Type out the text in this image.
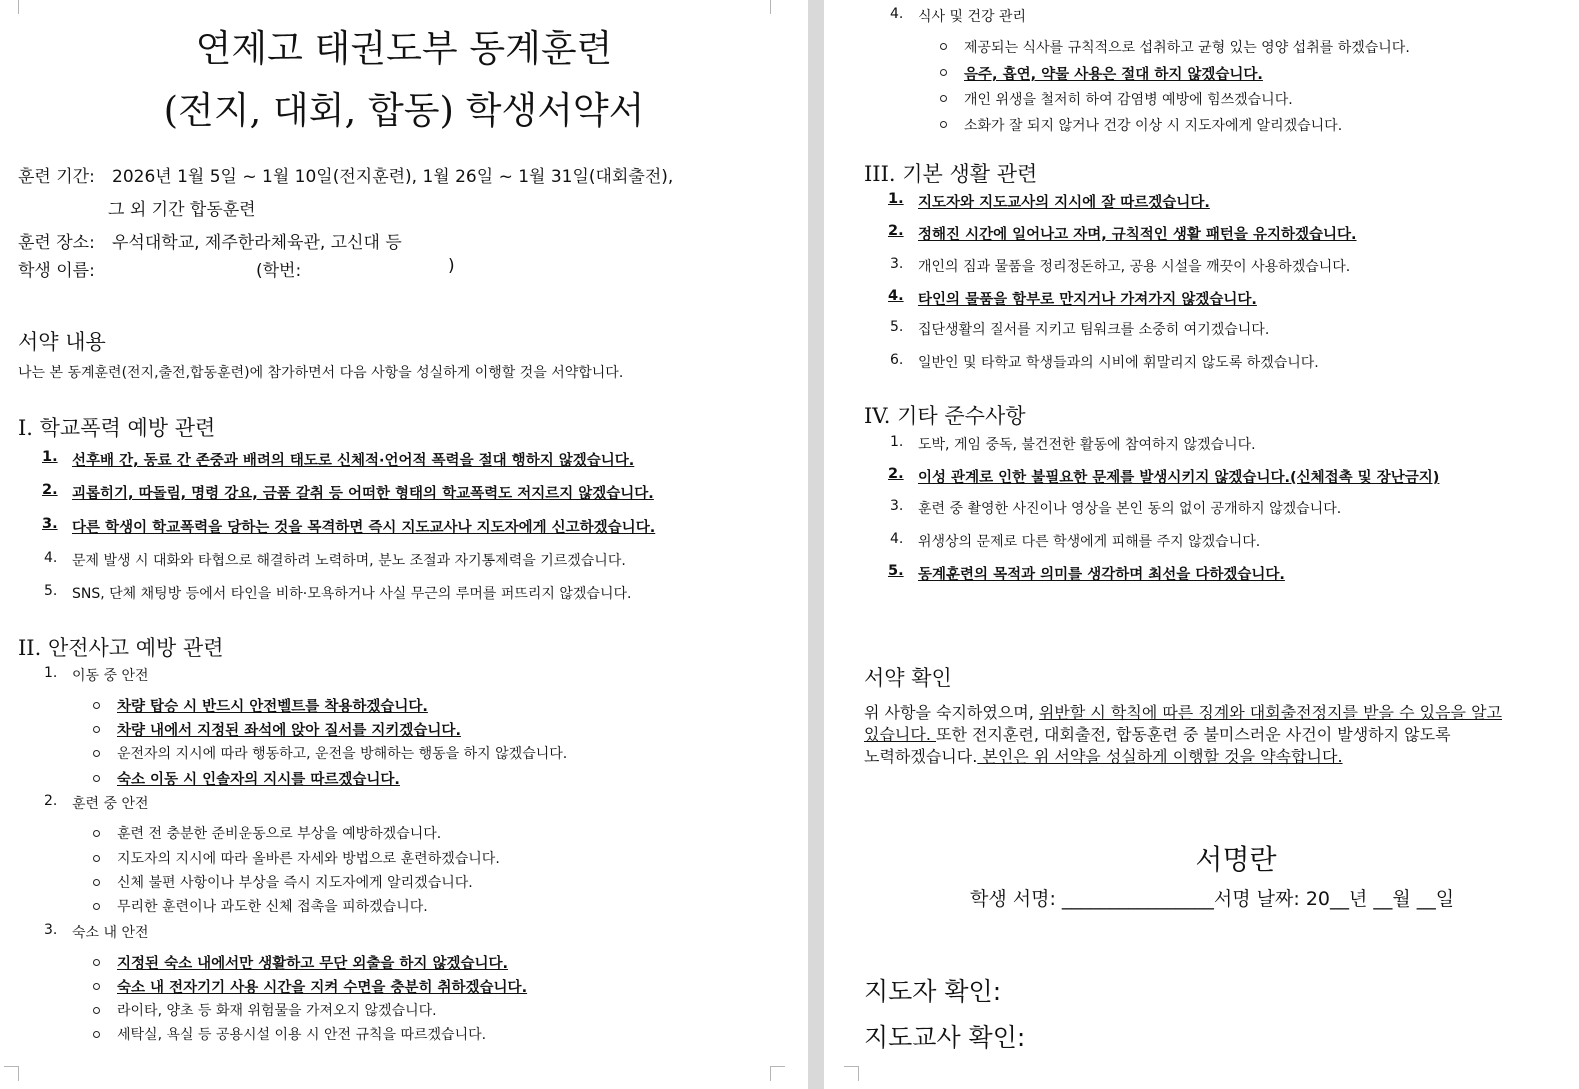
연제고 태권도부 동계훈련
(전지, 대회, 합동) 학생서약서
훈련 기간: 2026년 1월 5일 ~ 1월 10일(전지훈련), 1월 26일 ~ 1월 31일(대회출전),
그 외 기간 합동훈련
훈련 장소: 우석대학교, 제주한라체육관, 고신대 등
학생 이름:	(학번:	)
서약 내용
나는 본 동계훈련(전지,출전,합동훈련)에 참가하면서 다음 사항을 성실하게 이행할 것을 서약합니다.
I. 학교폭력 예방 관련
1. 선후배 간, 동료 간 존중과 배려의 태도로 신체적·언어적 폭력을 절대 행하지 않겠습니다.
2. 괴롭히기, 따돌림, 명령 강요, 금품 갈취 등 어떠한 형태의 학교폭력도 저지르지 않겠습니다.
3. 다른 학생이 학교폭력을 당하는 것을 목격하면 즉시 지도교사나 지도자에게 신고하겠습니다.
4. 문제 발생 시 대화와 타협으로 해결하려 노력하며, 분노 조절과 자기통제력을 기르겠습니다.
5. SNS, 단체 채팅방 등에서 타인을 비하·모욕하거나 사실 무근의 루머를 퍼뜨리지 않겠습니다.
II. 안전사고 예방 관련
1. 이동 중 안전
차량 탑승 시 반드시 안전벨트를 착용하겠습니다.
차량 내에서 지정된 좌석에 앉아 질서를 지키겠습니다.
운전자의 지시에 따라 행동하고, 운전을 방해하는 행동을 하지 않겠습니다.
숙소 이동 시 인솔자의 지시를 따르겠습니다.
2. 훈련 중 안전
훈련 전 충분한 준비운동으로 부상을 예방하겠습니다.
지도자의 지시에 따라 올바른 자세와 방법으로 훈련하겠습니다.
신체 불편 사항이나 부상을 즉시 지도자에게 알리겠습니다.
무리한 훈련이나 과도한 신체 접촉을 피하겠습니다.
3. 숙소 내 안전
지정된 숙소 내에서만 생활하고 무단 외출을 하지 않겠습니다.
숙소 내 전자기기 사용 시간을 지켜 수면을 충분히 취하겠습니다.
라이타, 양초 등 화재 위험물을 가져오지 않겠습니다.
세탁실, 욕실 등 공용시설 이용 시 안전 규칙을 따르겠습니다.
4. 식사 및 건강 관리
제공되는 식사를 규칙적으로 섭취하고 균형 있는 영양 섭취를 하겠습니다.
음주, 흡연, 약물 사용은 절대 하지 않겠습니다.
개인 위생을 철저히 하여 감염병 예방에 힘쓰겠습니다.
소화가 잘 되지 않거나 건강 이상 시 지도자에게 알리겠습니다.
III. 기본 생활 관련
1. 지도자와 지도교사의 지시에 잘 따르겠습니다.
2. 정해진 시간에 일어나고 자며, 규칙적인 생활 패턴을 유지하겠습니다.
3. 개인의 짐과 물품을 정리정돈하고, 공용 시설을 깨끗이 사용하겠습니다.
4. 타인의 물품을 함부로 만지거나 가져가지 않겠습니다.
5. 집단생활의 질서를 지키고 팀워크를 소중히 여기겠습니다.
6. 일반인 및 타학교 학생들과의 시비에 휘말리지 않도록 하겠습니다.
IV. 기타 준수사항
1. 도박, 게임 중독, 불건전한 활동에 참여하지 않겠습니다.
2. 이성 관계로 인한 불필요한 문제를 발생시키지 않겠습니다.(신체접촉 및 장난금지)
3. 훈련 중 촬영한 사진이나 영상을 본인 동의 없이 공개하지 않겠습니다.
4. 위생상의 문제로 다른 학생에게 피해를 주지 않겠습니다.
5. 동계훈련의 목적과 의미를 생각하며 최선을 다하겠습니다.
서약 확인
위 사항을 숙지하였으며, 위반할 시 학칙에 따른 징계와 대회출전정지를 받을 수 있음을 알고
있습니다. 또한 전지훈련, 대회출전, 합동훈련 중 불미스러운 사건이 발생하지 않도록
노력하겠습니다. 본인은 위 서약을 성실하게 이행할 것을 약속합니다.
서명란
학생 서명: ________________서명 날짜: 20__년 __월 __일
지도자 확인:
지도교사 확인:
